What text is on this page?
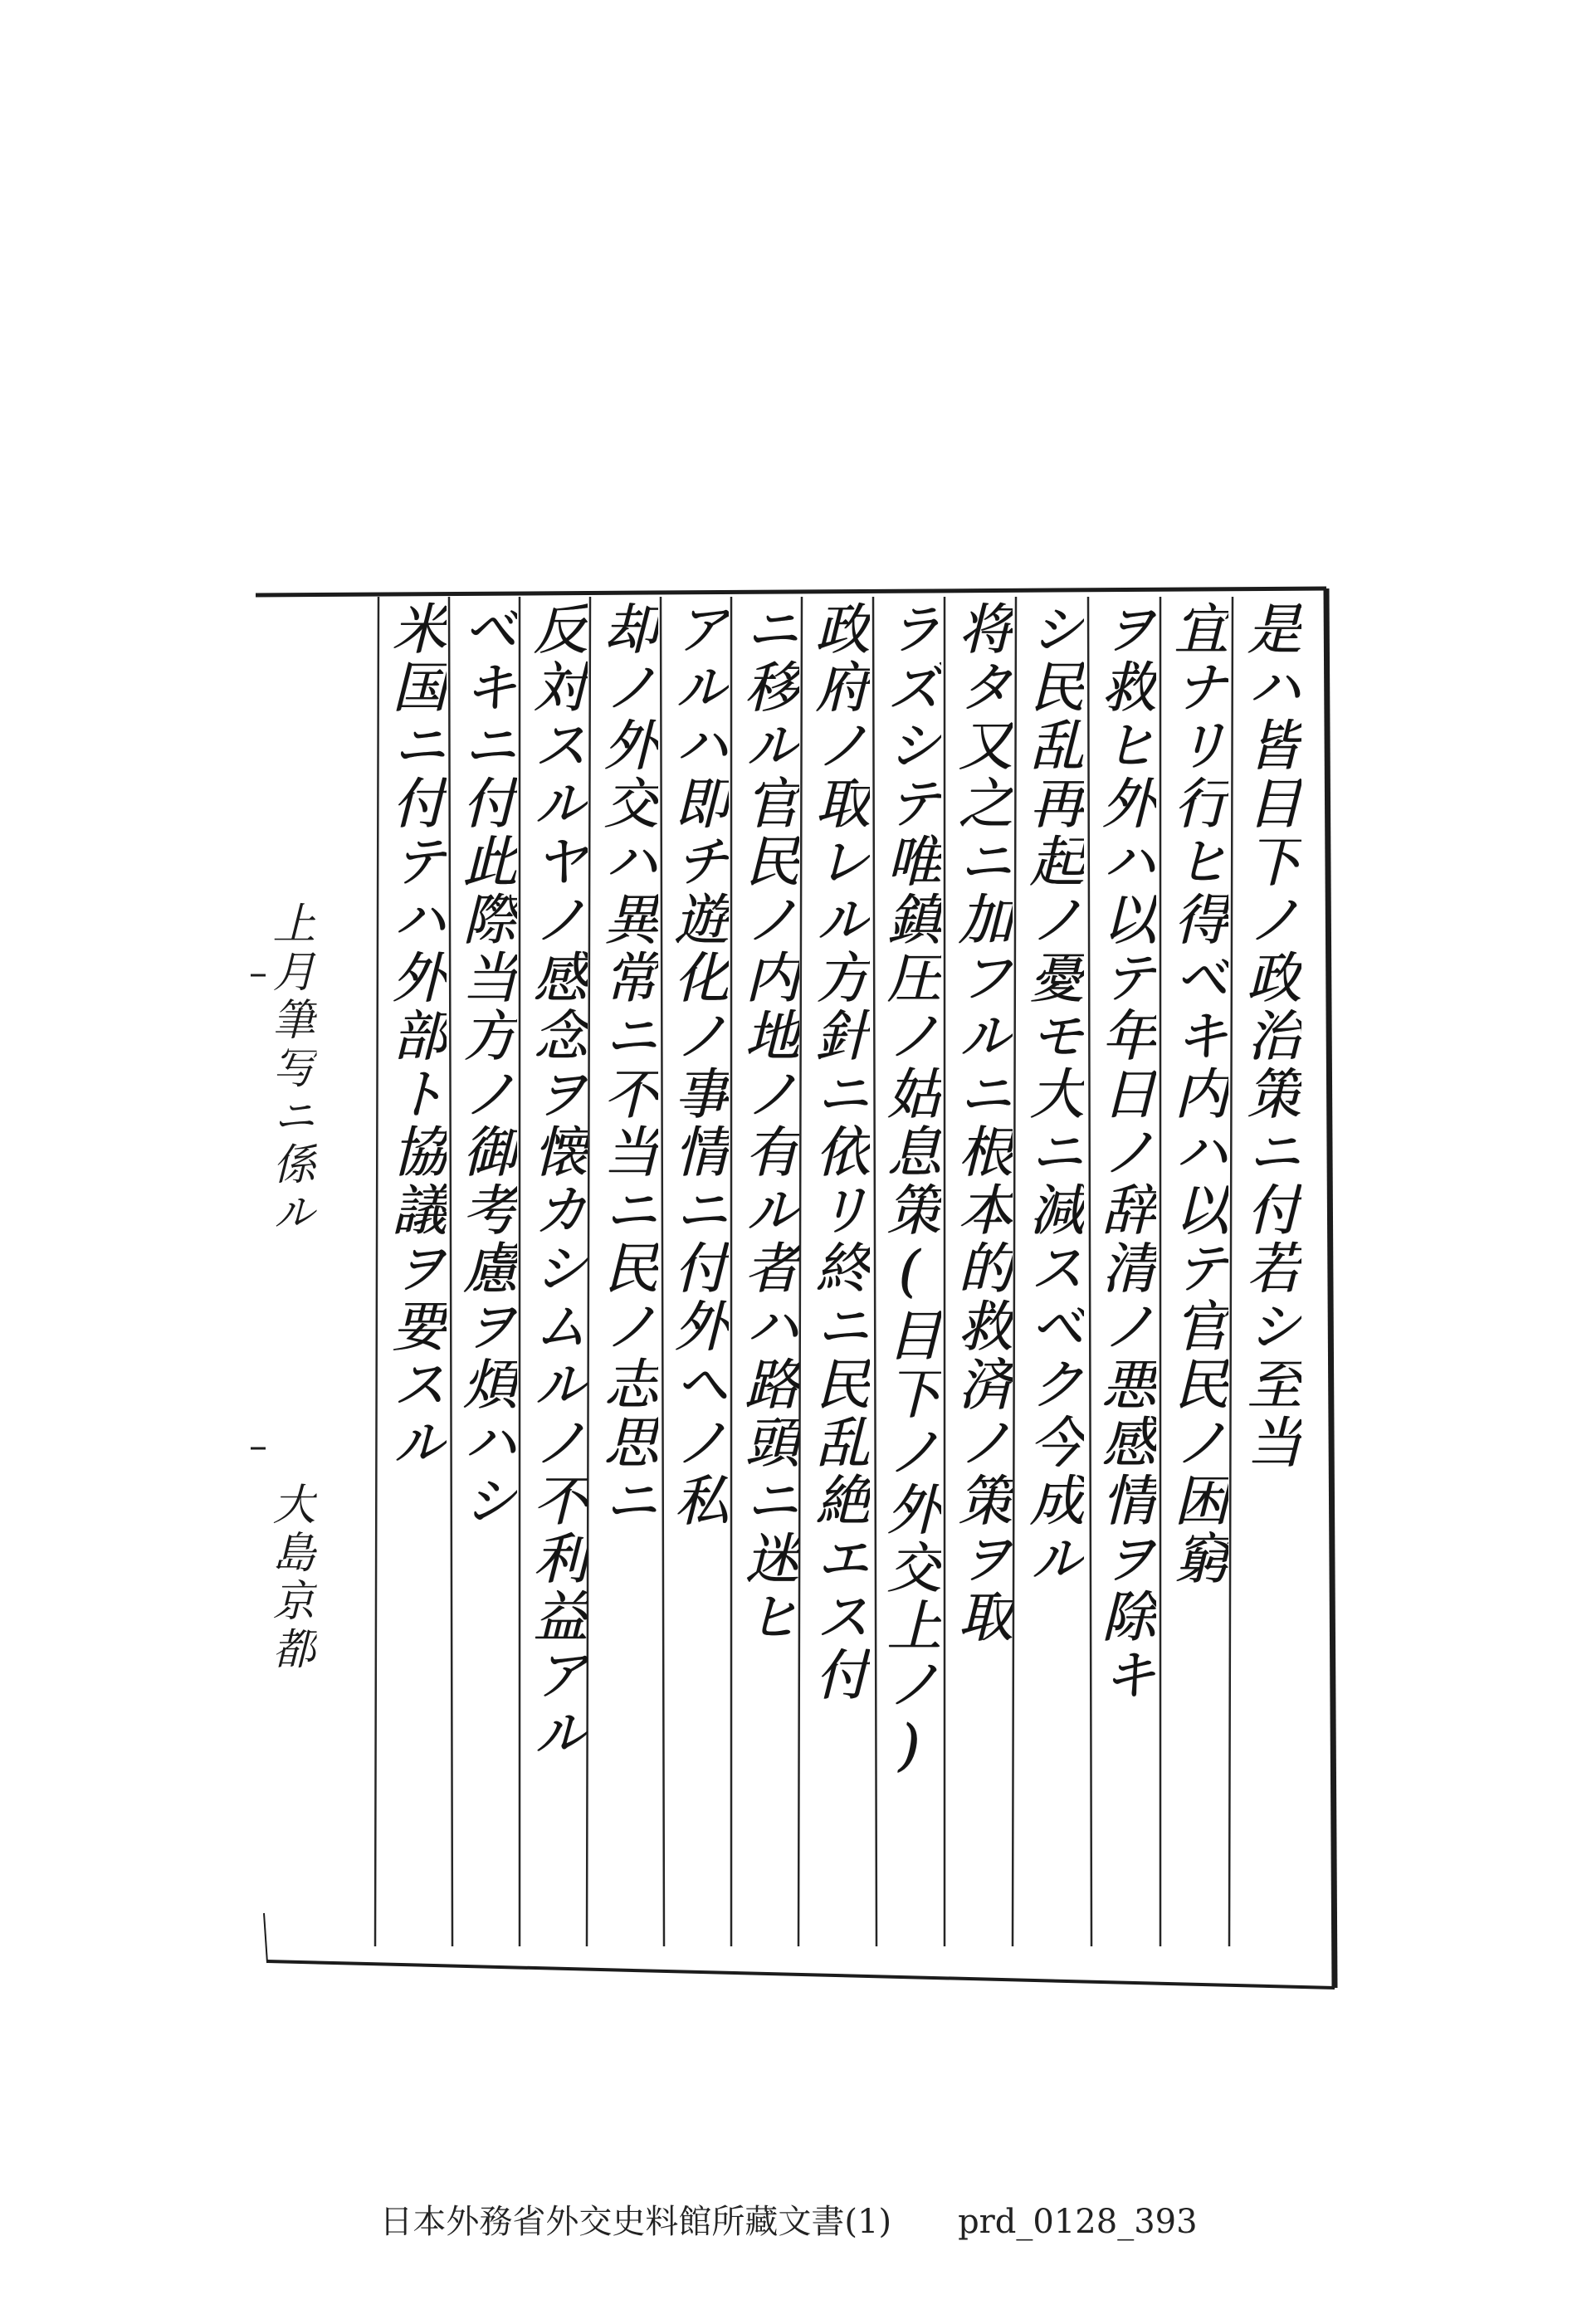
是ハ皆目下ノ政治策ニ付若シ至当
宜ナリ行ヒ得ベキ内ハ以テ官民ノ困窮
ヲ救ヒ外ハ以テ年日ノ辞清ノ悪感情ヲ除キ
シ民乱再起ノ憂モ大ニ減スベク今成ル
将タ又之ニ加フルニ根本的救済ノ策ヲ取
ラズシテ唯鎮圧ノ姑息策(目下ノ外交上ノ)
政府ノ取レル方針ニ依リ終ニ民乱絶エス付
ニ移ル官民ノ内地ノ有ル者ハ路頭ニ迷ヒ
アルハ即チ遊化ノ事情ニ付外ヘノ私
却ノ外交ハ異常ニ不当ニ民ノ志思ニ
反対スルヤノ感念ヲ懐カシムルノ不利益アル
ベキニ付此際当方ノ御考慮ヲ煩ハシ
米国ニ付テハ外部ト協議ヲ要スル
上月筆写ニ係ル
大島京都
日本外務省外交史料館所藏文書(1)　　prd_0128_393
